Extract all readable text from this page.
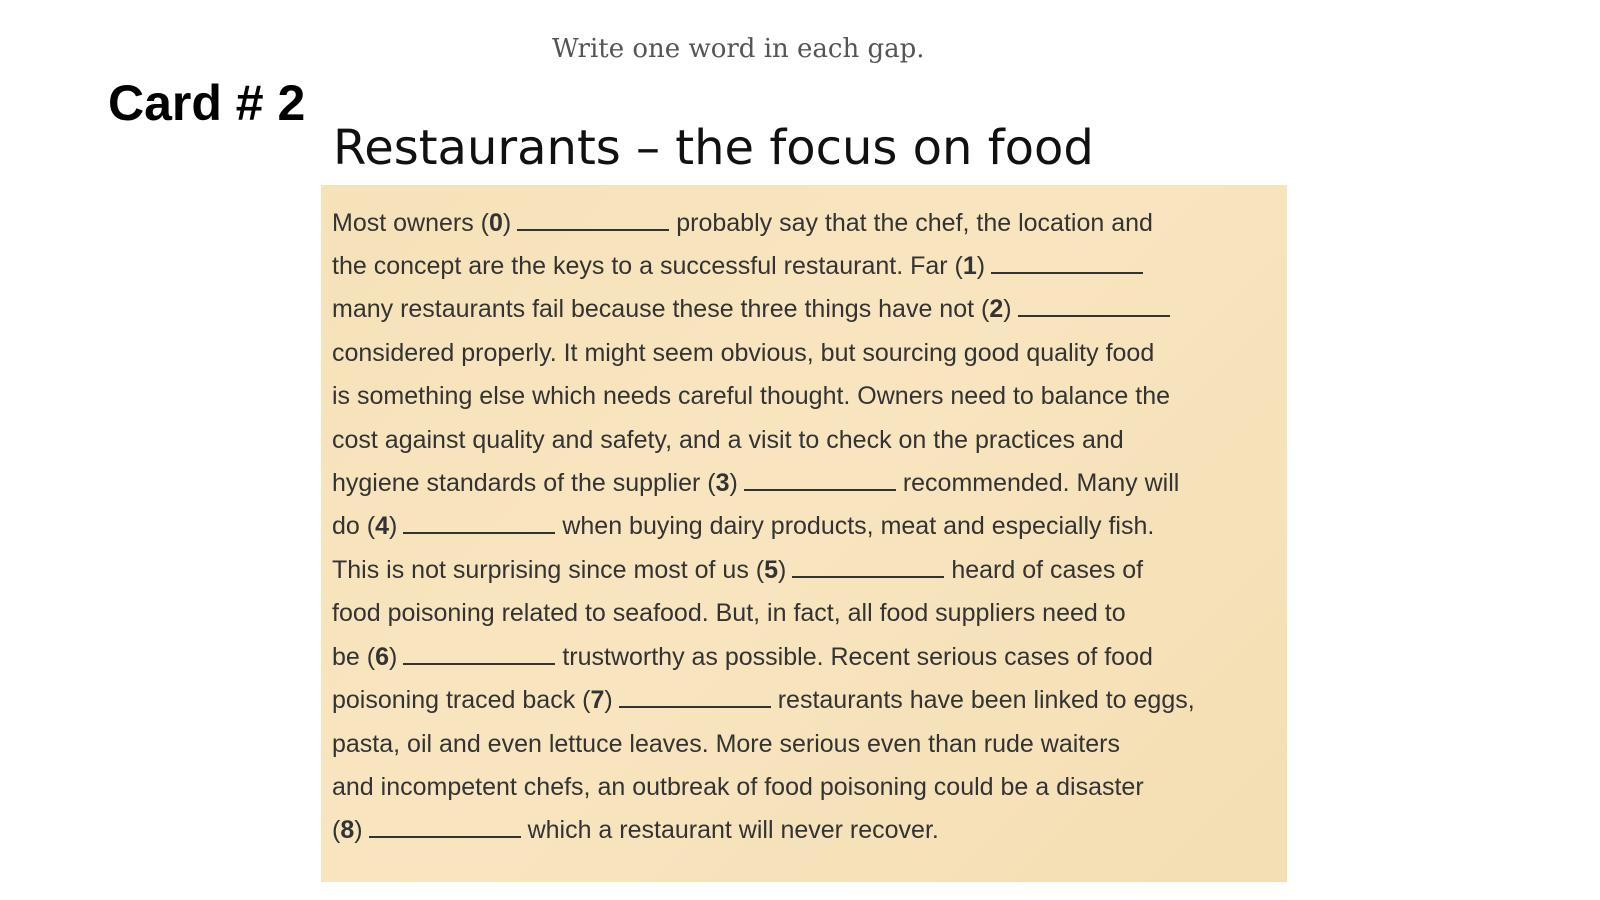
Write one word in each gap.
Card # 2
Restaurants – the focus on food
Most owners (0)	probably say that the chef, the location and
the concept are the keys to a successful restaurant. Far (1)
many restaurants fail because these three things have not (2)
considered properly. It might seem obvious, but sourcing good quality food
is something else which needs careful thought. Owners need to balance the
cost against quality and safety, and a visit to check on the practices and
hygiene standards of the supplier (3)	recommended. Many will
do (4)	when buying dairy products, meat and especially fish.
This is not surprising since most of us (5)	heard of cases of
food poisoning related to seafood. But, in fact, all food suppliers need to
be (6)	trustworthy as possible. Recent serious cases of food
poisoning traced back (7)	restaurants have been linked to eggs,
pasta, oil and even lettuce leaves. More serious even than rude waiters
and incompetent chefs, an outbreak of food poisoning could be a disaster
(8)	which a restaurant will never recover.
